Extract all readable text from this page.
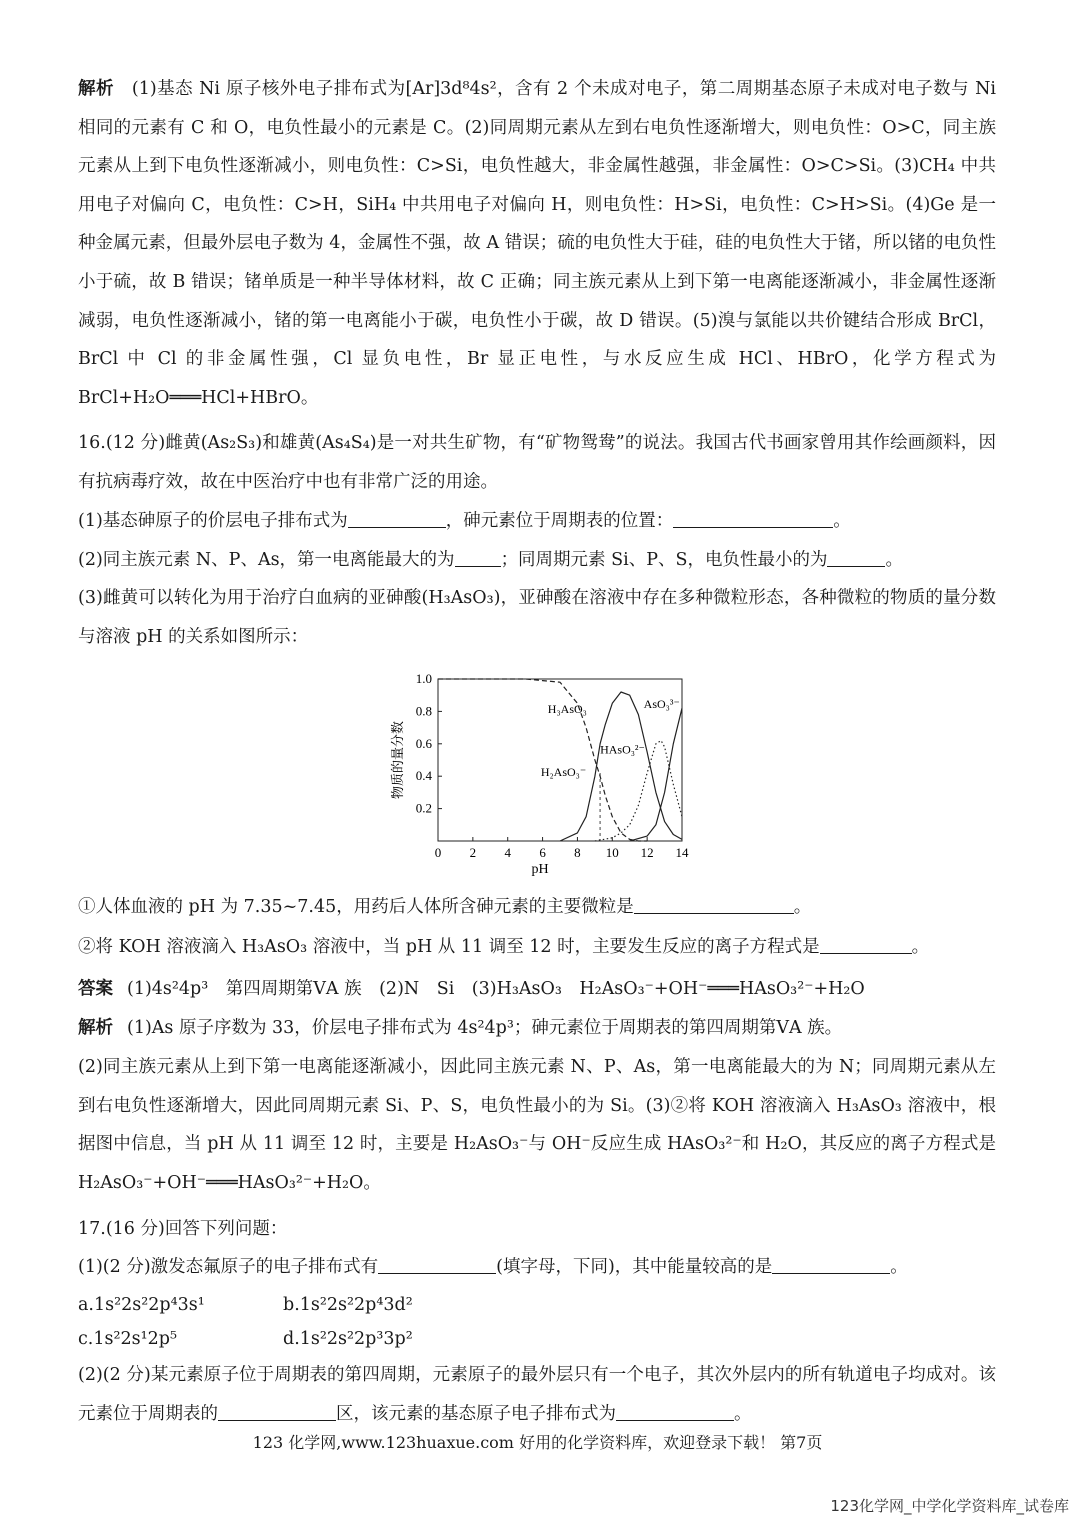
解析 (1)基态 Ni 原子核外电子排布式为[Ar]3d⁸4s²，含有 2 个未成对电子，第二周期基态原子未成对电子数与 Ni 相同的元素有 C 和 O，电负性最小的元素是 C。(2)同周期元素从左到右电负性逐渐增大，则电负性：O>C，同主族元素从上到下电负性逐渐减小，则电负性：C>Si，电负性越大，非金属性越强，非金属性：O>C>Si。(3)CH₄ 中共用电子对偏向 C，电负性：C>H，SiH₄ 中共用电子对偏向 H，则电负性：H>Si，电负性：C>H>Si。(4)Ge 是一种金属元素，但最外层电子数为 4，金属性不强，故 A 错误；硫的电负性大于硅，硅的电负性大于锗，所以锗的电负性小于硫，故 B 错误；锗单质是一种半导体材料，故 C 正确；同主族元素从上到下第一电离能逐渐减小，非金属性逐渐减弱，电负性逐渐减小，锗的第一电离能小于碳，电负性小于碳，故 D 错误。(5)溴与氯能以共价键结合形成 BrCl，BrCl 中 Cl 的非金属性强，Cl 显负电性，Br 显正电性，与水反应生成 HCl、HBrO，化学方程式为 BrCl+H₂O═══HCl+HBrO。
16.(12 分)雌黄(As₂S₃)和雄黄(As₄S₄)是一对共生矿物，有“矿物鸳鸯”的说法。我国古代书画家曾用其作绘画颜料，因有抗病毒疗效，故在中医治疗中也有非常广泛的用途。
(1)基态砷原子的价层电子排布式为	，砷元素位于周期表的位置：	。
(2)同主族元素 N、P、As，第一电离能最大的为	；同周期元素 Si、P、S，电负性最小的为	。
(3)雌黄可以转化为用于治疗白血病的亚砷酸(H₃AsO₃)，亚砷酸在溶液中存在多种微粒形态，各种微粒的物质的量分数与溶液 pH 的关系如图所示：
0 2 4 6 8 10 12 14
0.2
0.4
0.6
0.8
1.0
pH
物质的量分数
H₃AsO₃
H₂AsO₃⁻
HAsO₃²⁻
AsO₃³⁻
①人体血液的 pH 为 7.35~7.45，用药后人体所含砷元素的主要微粒是	。
②将 KOH 溶液滴入 H₃AsO₃ 溶液中，当 pH 从 11 调至 12 时，主要发生反应的离子方程式是	。
答案 (1)4s²4p³　第四周期第ⅤA 族　(2)N　Si　(3)H₃AsO₃　H₂AsO₃⁻+OH⁻═══HAsO₃²⁻+H₂O
解析 (1)As 原子序数为 33，价层电子排布式为 4s²4p³；砷元素位于周期表的第四周期第ⅤA 族。
(2)同主族元素从上到下第一电离能逐渐减小，因此同主族元素 N、P、As，第一电离能最大的为 N；同周期元素从左到右电负性逐渐增大，因此同周期元素 Si、P、S，电负性最小的为 Si。(3)②将 KOH 溶液滴入 H₃AsO₃ 溶液中，根据图中信息，当 pH 从 11 调至 12 时，主要是 H₂AsO₃⁻与 OH⁻反应生成 HAsO₃²⁻和 H₂O，其反应的离子方程式是 H₂AsO₃⁻+OH⁻═══HAsO₃²⁻+H₂O。
17.(16 分)回答下列问题：
(1)(2 分)激发态氟原子的电子排布式有	(填字母，下同)，其中能量较高的是	。
a.1s²2s²2p⁴3s¹	b.1s²2s²2p⁴3d²
c.1s²2s¹2p⁵	d.1s²2s²2p³3p²
(2)(2 分)某元素原子位于周期表的第四周期，元素原子的最外层只有一个电子，其次外层内的所有轨道电子均成对。该元素位于周期表的	区，该元素的基态原子电子排布式为	。
123 化学网,www.123huaxue.com 好用的化学资料库，欢迎登录下载！ 第7页
123化学网_中学化学资料库_试卷库
